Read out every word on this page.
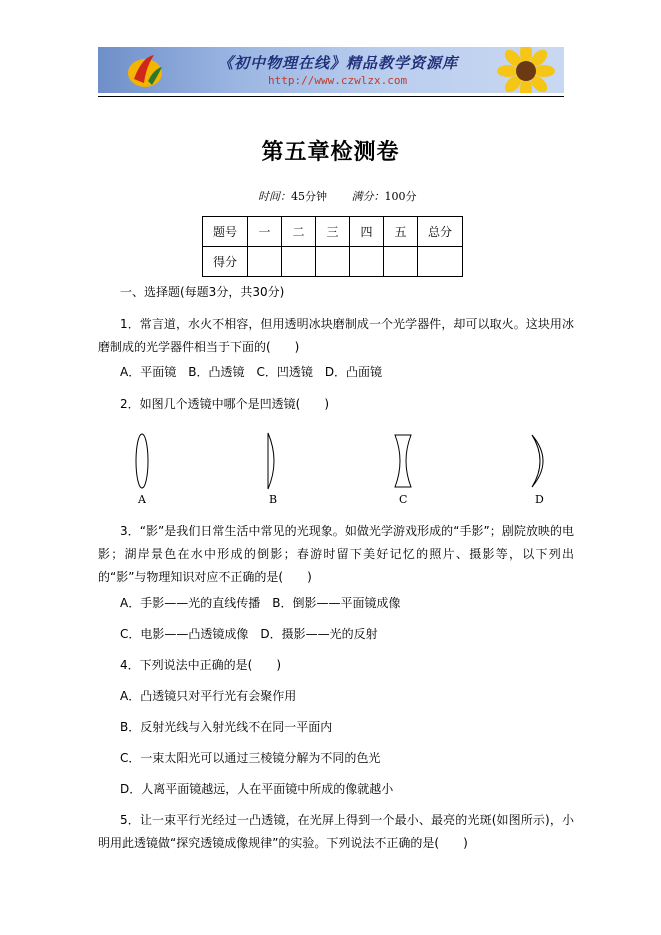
《初中物理在线》精品教学资源库
http://www.czwlzx.com
第五章检测卷
时间：45分钟 满分：100分
题号	一	二	三	四	五	总分
得分						
一、选择题(每题3分，共30分)
1．常言道，水火不相容，但用透明冰块磨制成一个光学器件，却可以取火。这块用冰磨制成的光学器件相当于下面的(　　)
A．平面镜　B．凸透镜　C．凹透镜　D．凸面镜
2．如图几个透镜中哪个是凹透镜(　　)
A	B	C	D
3．“影”是我们日常生活中常见的光现象。如做光学游戏形成的“手影”；剧院放映的电影；湖岸景色在水中形成的倒影；春游时留下美好记忆的照片、摄影等，以下列出的“影”与物理知识对应不正确的是(　　)
A．手影——光的直线传播　B．倒影——平面镜成像
C．电影——凸透镜成像　D．摄影——光的反射
4．下列说法中正确的是(　　)
A．凸透镜只对平行光有会聚作用
B．反射光线与入射光线不在同一平面内
C．一束太阳光可以通过三棱镜分解为不同的色光
D．人离平面镜越远，人在平面镜中所成的像就越小
5．让一束平行光经过一凸透镜，在光屏上得到一个最小、最亮的光斑(如图所示)，小明用此透镜做“探究透镜成像规律”的实验。下列说法不正确的是(　　)
